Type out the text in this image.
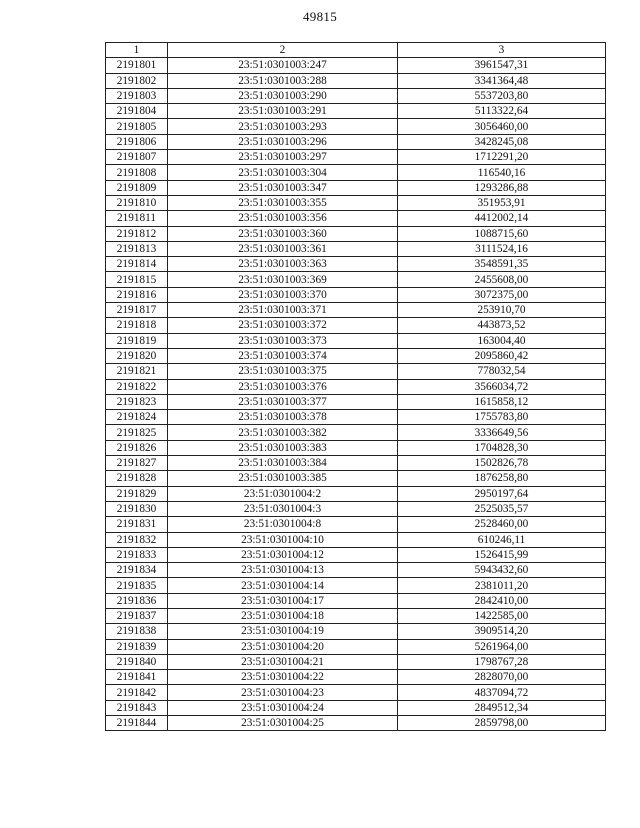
49815
1	2	3
2191801	23:51:0301003:247	3961547,31
2191802	23:51:0301003:288	3341364,48
2191803	23:51:0301003:290	5537203,80
2191804	23:51:0301003:291	5113322,64
2191805	23:51:0301003:293	3056460,00
2191806	23:51:0301003:296	3428245,08
2191807	23:51:0301003:297	1712291,20
2191808	23:51:0301003:304	116540,16
2191809	23:51:0301003:347	1293286,88
2191810	23:51:0301003:355	351953,91
2191811	23:51:0301003:356	4412002,14
2191812	23:51:0301003:360	1088715,60
2191813	23:51:0301003:361	3111524,16
2191814	23:51:0301003:363	3548591,35
2191815	23:51:0301003:369	2455608,00
2191816	23:51:0301003:370	3072375,00
2191817	23:51:0301003:371	253910,70
2191818	23:51:0301003:372	443873,52
2191819	23:51:0301003:373	163004,40
2191820	23:51:0301003:374	2095860,42
2191821	23:51:0301003:375	778032,54
2191822	23:51:0301003:376	3566034,72
2191823	23:51:0301003:377	1615858,12
2191824	23:51:0301003:378	1755783,80
2191825	23:51:0301003:382	3336649,56
2191826	23:51:0301003:383	1704828,30
2191827	23:51:0301003:384	1502826,78
2191828	23:51:0301003:385	1876258,80
2191829	23:51:0301004:2	2950197,64
2191830	23:51:0301004:3	2525035,57
2191831	23:51:0301004:8	2528460,00
2191832	23:51:0301004:10	610246,11
2191833	23:51:0301004:12	1526415,99
2191834	23:51:0301004:13	5943432,60
2191835	23:51:0301004:14	2381011,20
2191836	23:51:0301004:17	2842410,00
2191837	23:51:0301004:18	1422585,00
2191838	23:51:0301004:19	3909514,20
2191839	23:51:0301004:20	5261964,00
2191840	23:51:0301004:21	1798767,28
2191841	23:51:0301004:22	2828070,00
2191842	23:51:0301004:23	4837094,72
2191843	23:51:0301004:24	2849512,34
2191844	23:51:0301004:25	2859798,00
